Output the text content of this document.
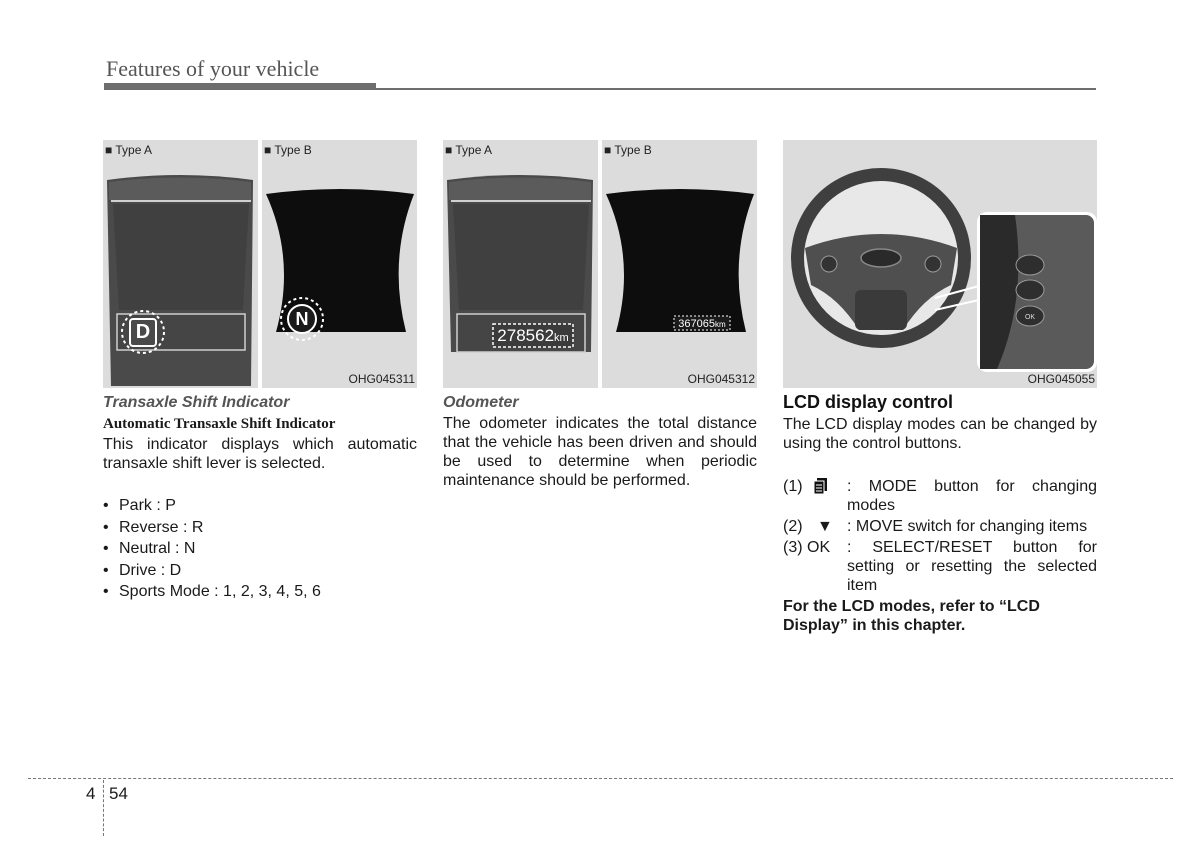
Features of your vehicle
■ Type A
D
■ Type B
N
OHG045311
Transaxle Shift Indicator
Automatic Transaxle Shift Indicator
This indicator displays which automatic transaxle shift lever is selected.
• Park : P
• Reverse : R
• Neutral : N
• Drive : D
• Sports Mode : 1, 2, 3, 4, 5, 6
■ Type A
278562km
■ Type B
367065km
OHG045312
Odometer
The odometer indicates the total distance that the vehicle has been driven and should be used to determine when periodic maintenance should be performed.
OK
OHG045055
LCD display control
The LCD display modes can be changed by using the control buttons.
(1)	: MODE button for changing modes
(2) ▼ : MOVE switch for changing items
(3) OK	: SELECT/RESET button for setting or resetting the selected item
For the LCD modes, refer to “LCD Display” in this chapter.
4 54
